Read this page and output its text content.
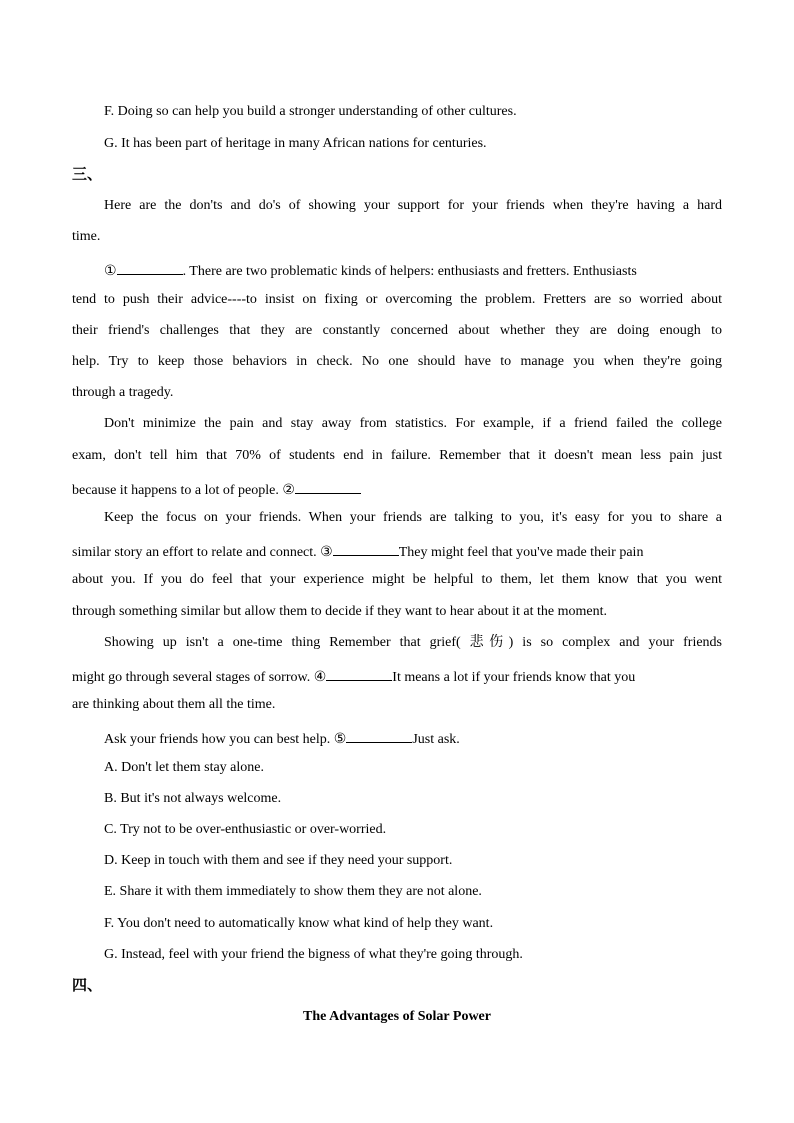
F. Doing so can help you build a stronger understanding of other cultures.
G. It has been part of heritage in many African nations for centuries.
三、
Here are the don'ts and do's of showing your support for your friends when they're having a hard
time.
①	. There are two problematic kinds of helpers: enthusiasts and fretters. Enthusiasts
tend to push their advice----to insist on fixing or overcoming the problem. Fretters are so worried about
their friend's challenges that they are constantly concerned about whether they are doing enough to
help. Try to keep those behaviors in check. No one should have to manage you when they're going
through a tragedy.
Don't minimize the pain and stay away from statistics. For example, if a friend failed the college
exam, don't tell him that 70% of students end in failure. Remember that it doesn't mean less pain just
because it happens to a lot of people. ②
Keep the focus on your friends. When your friends are talking to you, it's easy for you to share a
similar story an effort to relate and connect. ③	They might feel that you've made their pain
about you. If you do feel that your experience might be helpful to them, let them know that you went
through something similar but allow them to decide if they want to hear about it at the moment.
Showing up isn't a one-time thing Remember that grief( 悲伤) is so complex and your friends
might go through several stages of sorrow. ④	It means a lot if your friends know that you
are thinking about them all the time.
Ask your friends how you can best help. ⑤	Just ask.
A. Don't let them stay alone.
B. But it's not always welcome.
C. Try not to be over-enthusiastic or over-worried.
D. Keep in touch with them and see if they need your support.
E. Share it with them immediately to show them they are not alone.
F. You don't need to automatically know what kind of help they want.
G. Instead, feel with your friend the bigness of what they're going through.
四、
The Advantages of Solar Power
